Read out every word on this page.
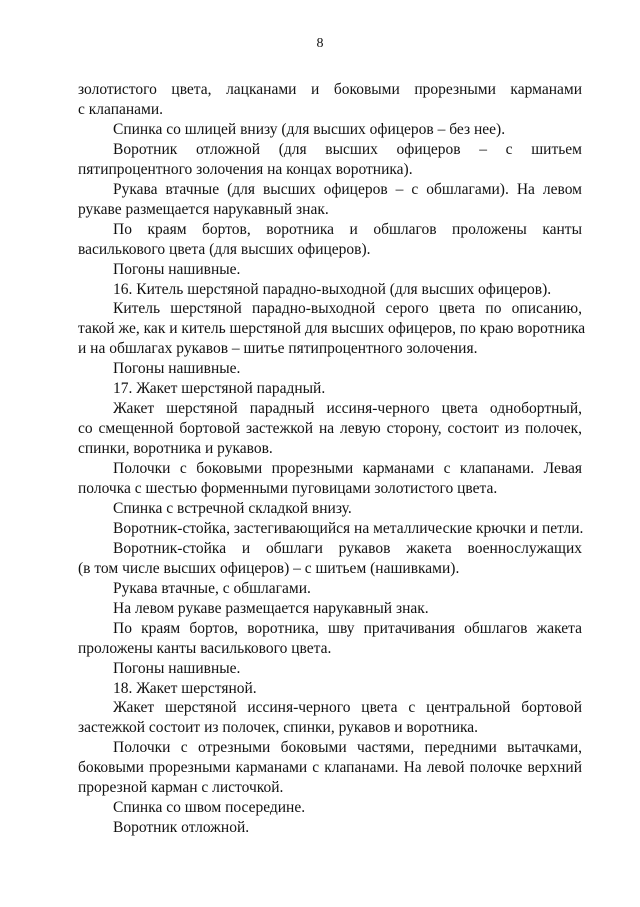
8
золотистого цвета, лацканами и боковыми прорезными карманами
с клапанами.
Спинка со шлицей внизу (для высших офицеров – без нее).
Воротник отложной (для высших офицеров – с шитьем
пятипроцентного золочения на концах воротника).
Рукава втачные (для высших офицеров – с обшлагами). На левом
рукаве размещается нарукавный знак.
По краям бортов, воротника и обшлагов проложены канты
василькового цвета (для высших офицеров).
Погоны нашивные.
16. Китель шерстяной парадно-выходной (для высших офицеров).
Китель шерстяной парадно-выходной серого цвета по описанию,
такой же, как и китель шерстяной для высших офицеров, по краю воротника
и на обшлагах рукавов – шитье пятипроцентного золочения.
Погоны нашивные.
17. Жакет шерстяной парадный.
Жакет шерстяной парадный иссиня-черного цвета однобортный,
со смещенной бортовой застежкой на левую сторону, состоит из полочек,
спинки, воротника и рукавов.
Полочки с боковыми прорезными карманами с клапанами. Левая
полочка с шестью форменными пуговицами золотистого цвета.
Спинка с встречной складкой внизу.
Воротник-стойка, застегивающийся на металлические крючки и петли.
Воротник-стойка и обшлаги рукавов жакета военнослужащих
(в том числе высших офицеров) – с шитьем (нашивками).
Рукава втачные, с обшлагами.
На левом рукаве размещается нарукавный знак.
По краям бортов, воротника, шву притачивания обшлагов жакета
проложены канты василькового цвета.
Погоны нашивные.
18. Жакет шерстяной.
Жакет шерстяной иссиня-черного цвета с центральной бортовой
застежкой состоит из полочек, спинки, рукавов и воротника.
Полочки с отрезными боковыми частями, передними вытачками,
боковыми прорезными карманами с клапанами. На левой полочке верхний
прорезной карман с листочкой.
Спинка со швом посередине.
Воротник отложной.
